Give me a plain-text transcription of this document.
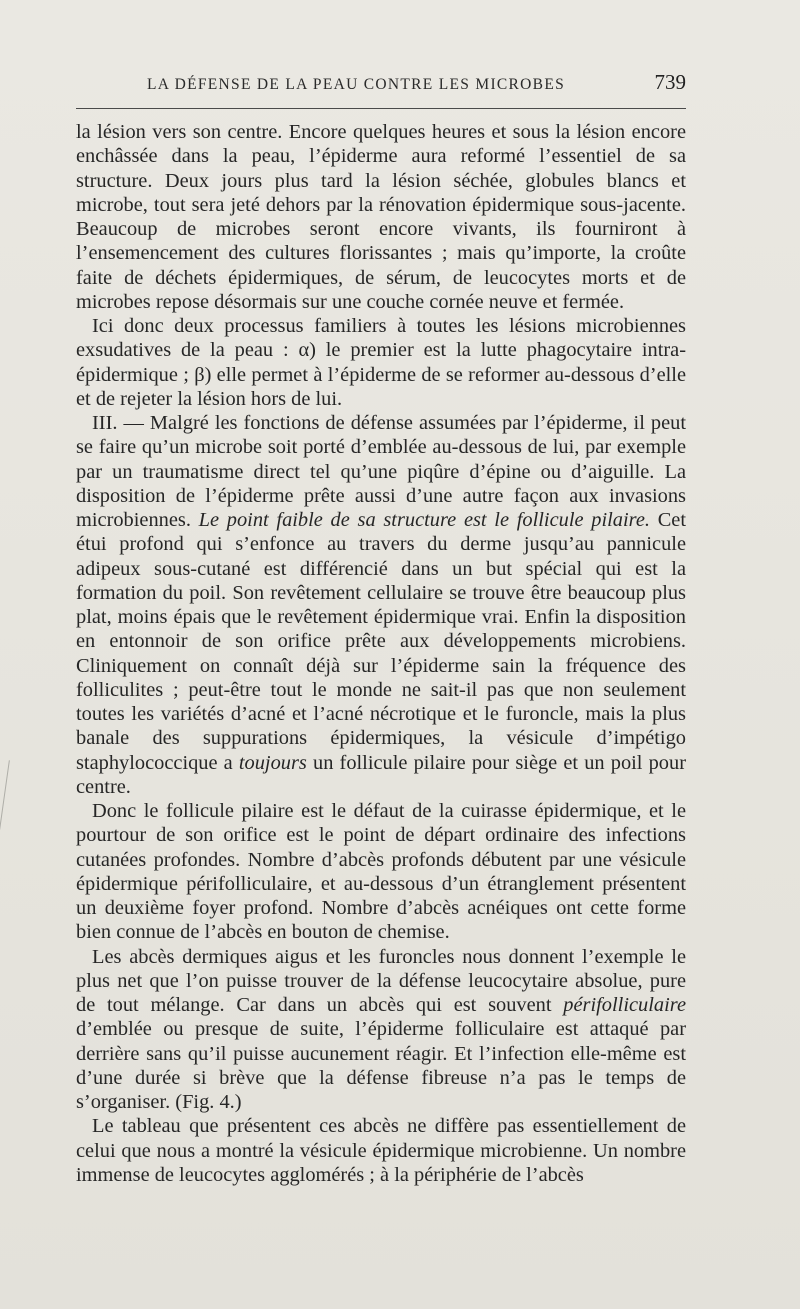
LA DÉFENSE DE LA PEAU CONTRE LES MICROBES	739

la lésion vers son centre. Encore quelques heures et sous la lésion encore enchâssée dans la peau, l’épiderme aura reformé l’essentiel de sa structure. Deux jours plus tard la lésion séchée, globules blancs et microbe, tout sera jeté dehors par la rénovation épidermique sous-jacente. Beaucoup de microbes seront encore vivants, ils fourniront à l’ensemencement des cultures florissantes ; mais qu’importe, la croûte faite de déchets épidermiques, de sérum, de leucocytes morts et de microbes repose désormais sur une couche cornée neuve et fermée.

Ici donc deux processus familiers à toutes les lésions microbiennes exsudatives de la peau : α) le premier est la lutte phagocytaire intra-épidermique ; β) elle permet à l’épiderme de se reformer au-dessous d’elle et de rejeter la lésion hors de lui.

III. — Malgré les fonctions de défense assumées par l’épiderme, il peut se faire qu’un microbe soit porté d’emblée au-dessous de lui, par exemple par un traumatisme direct tel qu’une piqûre d’épine ou d’aiguille. La disposition de l’épiderme prête aussi d’une autre façon aux invasions microbiennes. Le point faible de sa structure est le follicule pilaire. Cet étui profond qui s’enfonce au travers du derme jusqu’au pannicule adipeux sous-cutané est différencié dans un but spécial qui est la formation du poil. Son revêtement cellulaire se trouve être beaucoup plus plat, moins épais que le revêtement épidermique vrai. Enfin la disposition en entonnoir de son orifice prête aux développements microbiens. Cliniquement on connaît déjà sur l’épiderme sain la fréquence des folliculites ; peut-être tout le monde ne sait-il pas que non seulement toutes les variétés d’acné et l’acné nécrotique et le furoncle, mais la plus banale des suppurations épidermiques, la vésicule d’impétigo staphylococcique a toujours un follicule pilaire pour siège et un poil pour centre.

Donc le follicule pilaire est le défaut de la cuirasse épidermique, et le pourtour de son orifice est le point de départ ordinaire des infections cutanées profondes. Nombre d’abcès profonds débutent par une vésicule épidermique périfolliculaire, et au-dessous d’un étranglement présentent un deuxième foyer profond. Nombre d’abcès acnéiques ont cette forme bien connue de l’abcès en bouton de chemise.

Les abcès dermiques aigus et les furoncles nous donnent l’exemple le plus net que l’on puisse trouver de la défense leucocytaire absolue, pure de tout mélange. Car dans un abcès qui est souvent périfolliculaire d’emblée ou presque de suite, l’épiderme folliculaire est attaqué par derrière sans qu’il puisse aucunement réagir. Et l’infection elle-même est d’une durée si brève que la défense fibreuse n’a pas le temps de s’organiser. (Fig. 4.)

Le tableau que présentent ces abcès ne diffère pas essentiellement de celui que nous a montré la vésicule épidermique microbienne. Un nombre immense de leucocytes agglomérés ; à la périphérie de l’abcès
